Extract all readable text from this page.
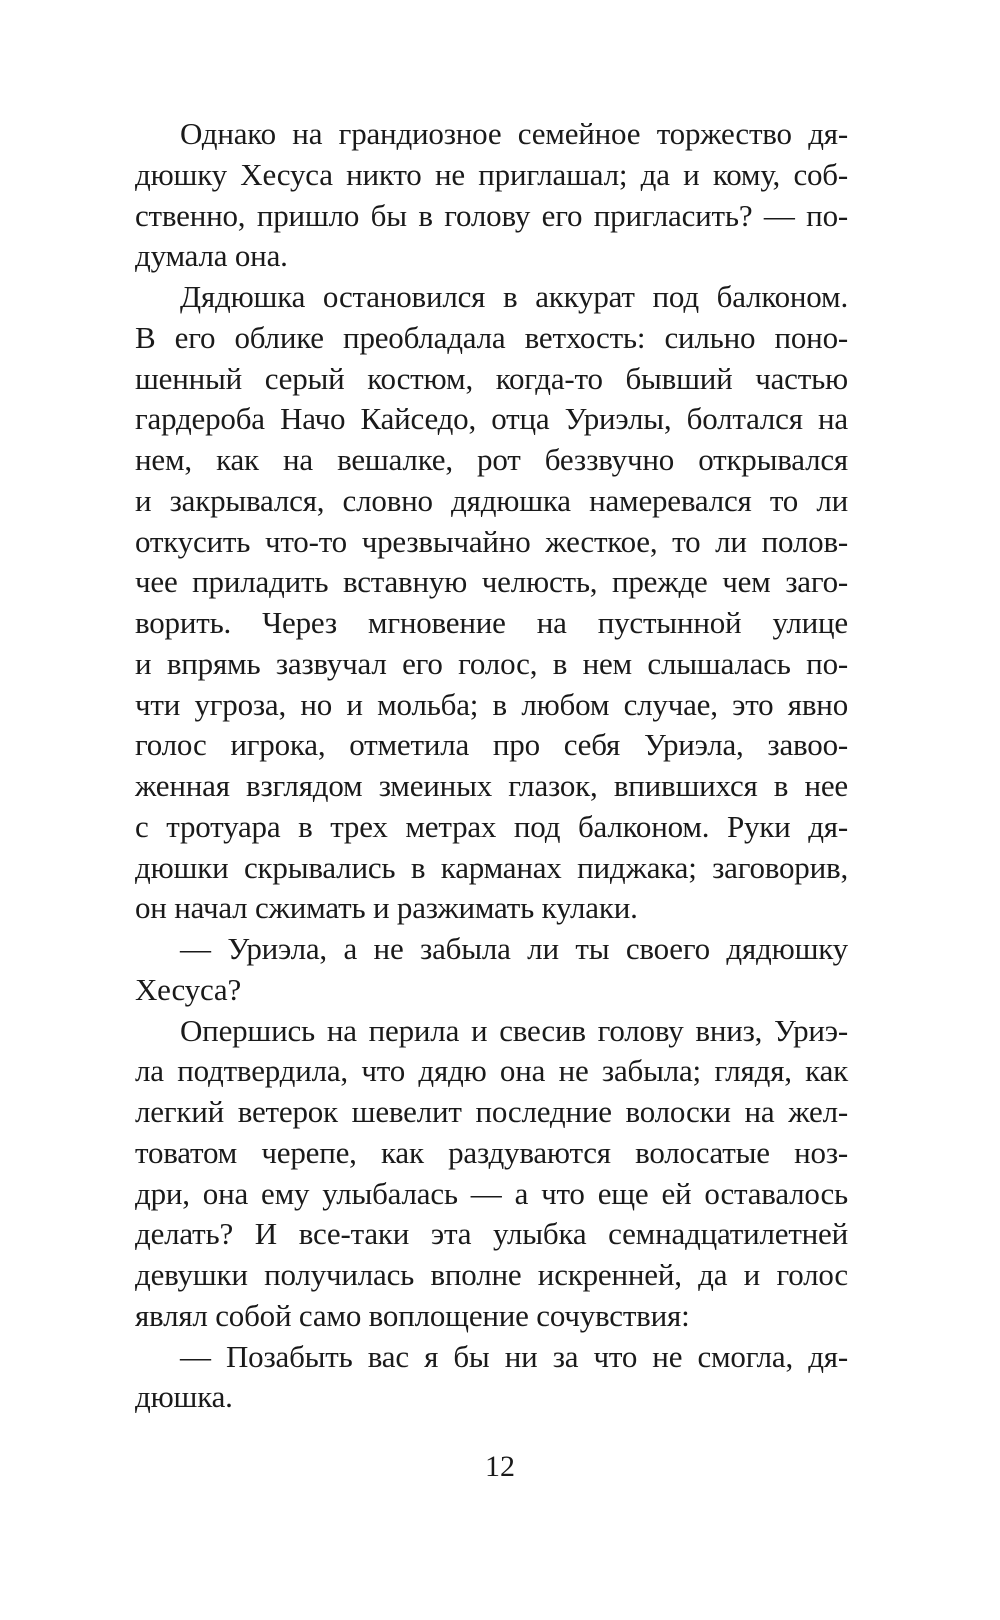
Однако на грандиозное семейное торжество дя-
дюшку Хесуса никто не приглашал; да и кому, соб-
ственно, пришло бы в голову его пригласить? — по-
думала она.
Дядюшка остановился в аккурат под балконом.
В его облике преобладала ветхость: сильно поно-
шенный серый костюм, когда-то бывший частью
гардероба Начо Кайседо, отца Уриэлы, болтался на
нем, как на вешалке, рот беззвучно открывался
и закрывался, словно дядюшка намеревался то ли
откусить что-то чрезвычайно жесткое, то ли полов-
чее приладить вставную челюсть, прежде чем заго-
ворить. Через мгновение на пустынной улице
и впрямь зазвучал его голос, в нем слышалась по-
чти угроза, но и мольба; в любом случае, это явно
голос игрока, отметила про себя Уриэла, завоо-
женная взглядом змеиных глазок, впившихся в нее
с тротуара в трех метрах под балконом. Руки дя-
дюшки скрывались в карманах пиджака; заговорив,
он начал сжимать и разжимать кулаки.
— Уриэла, а не забыла ли ты своего дядюшку
Хесуса?
Опершись на перила и свесив голову вниз, Уриэ-
ла подтвердила, что дядю она не забыла; глядя, как
легкий ветерок шевелит последние волоски на жел-
товатом черепе, как раздуваются волосатые ноз-
дри, она ему улыбалась — а что еще ей оставалось
делать? И все-таки эта улыбка семнадцатилетней
девушки получилась вполне искренней, да и голос
являл собой само воплощение сочувствия:
— Позабыть вас я бы ни за что не смогла, дя-
дюшка.
12
